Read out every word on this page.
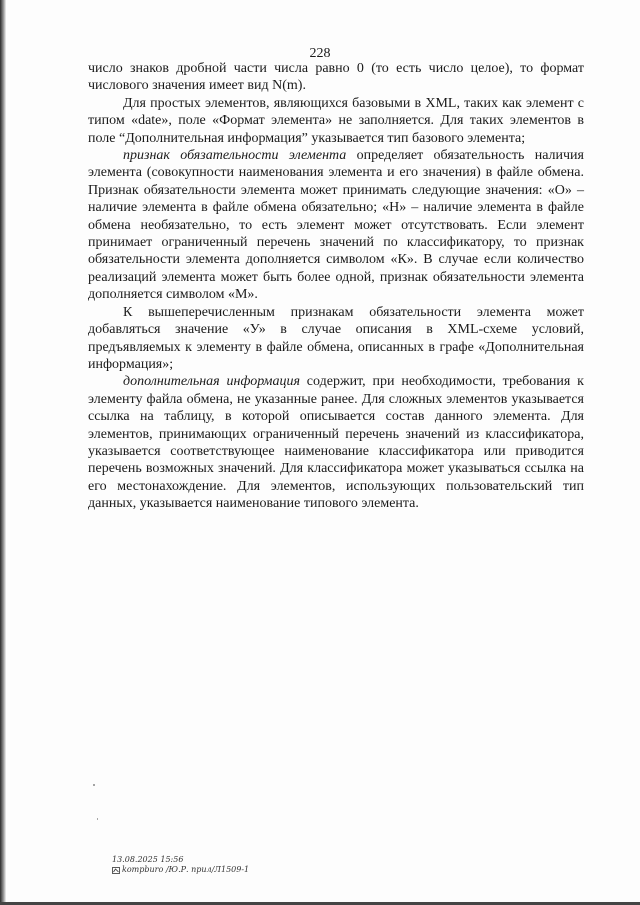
228

число знаков дробной части числа равно 0 (то есть число целое), то формат числового значения имеет вид N(m).

Для простых элементов, являющихся базовыми в XML, таких как элемент с типом «date», поле «Формат элемента» не заполняется. Для таких элементов в поле “Дополнительная информация” указывается тип базового элемента;

признак обязательности элемента определяет обязательность наличия элемента (совокупности наименования элемента и его значения) в файле обмена. Признак обязательности элемента может принимать следующие значения: «О» – наличие элемента в файле обмена обязательно; «Н» – наличие элемента в файле обмена необязательно, то есть элемент может отсутствовать. Если элемент принимает ограниченный перечень значений по классификатору, то признак обязательности элемента дополняется символом «К». В случае если количество реализаций элемента может быть более одной, признак обязательности элемента дополняется символом «М».

К вышеперечисленным признакам обязательности элемента может добавляться значение «У» в случае описания в XML-схеме условий, предъявляемых к элементу в файле обмена, описанных в графе «Дополнительная информация»;

дополнительная информация содержит, при необходимости, требования к элементу файла обмена, не указанные ранее. Для сложных элементов указывается ссылка на таблицу, в которой описывается состав данного элемента. Для элементов, принимающих ограниченный перечень значений из классификатора, указывается соответствующее наименование классификатора или приводится перечень возможных значений. Для классификатора может указываться ссылка на его местонахождение. Для элементов, использующих пользовательский тип данных, указывается наименование типового элемента.

13.08.2025 15:56
kompburo /Ю.Р. прил/Л1509-1
